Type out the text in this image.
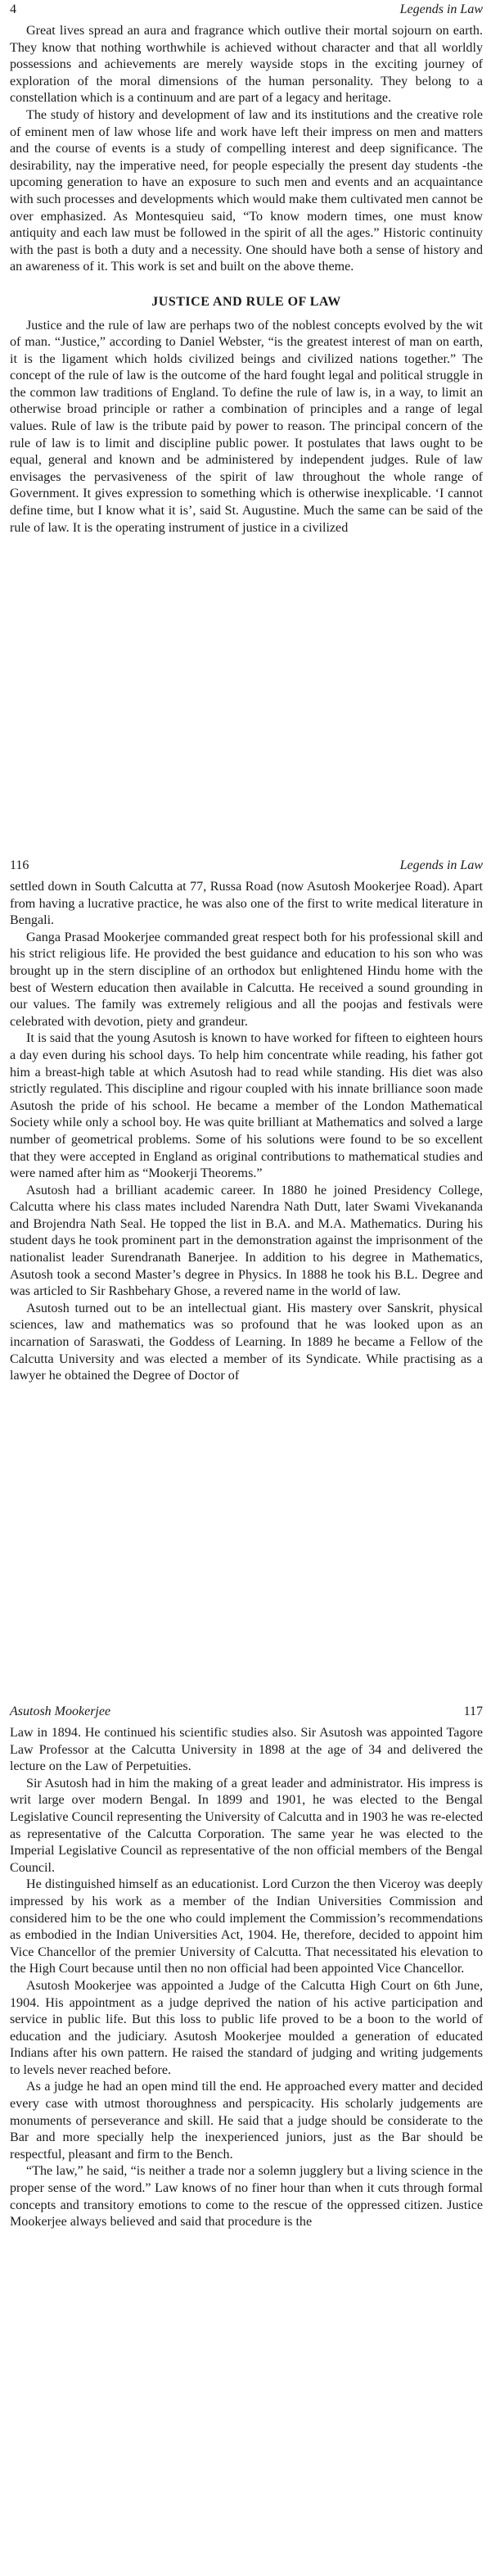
4	Legends in Law

Great lives spread an aura and fragrance which outlive their mortal sojourn on earth. They know that nothing worthwhile is achieved without character and that all worldly possessions and achievements are merely wayside stops in the exciting journey of exploration of the moral dimensions of the human personality. They belong to a constellation which is a continuum and are part of a legacy and heritage.

The study of history and development of law and its institutions and the creative role of eminent men of law whose life and work have left their impress on men and matters and the course of events is a study of compelling interest and deep significance. The desirability, nay the imperative need, for people especially the present day students -the upcoming generation to have an exposure to such men and events and an acquaintance with such processes and developments which would make them cultivated men cannot be over emphasized. As Montesquieu said, “To know modern times, one must know antiquity and each law must be followed in the spirit of all the ages.” Historic continuity with the past is both a duty and a necessity. One should have both a sense of history and an awareness of it. This work is set and built on the above theme.

JUSTICE AND RULE OF LAW

Justice and the rule of law are perhaps two of the noblest concepts evolved by the wit of man. “Justice,” according to Daniel Webster, “is the greatest interest of man on earth, it is the ligament which holds civilized beings and civilized nations together.” The concept of the rule of law is the outcome of the hard fought legal and political struggle in the common law traditions of England. To define the rule of law is, in a way, to limit an otherwise broad principle or rather a combination of principles and a range of legal values. Rule of law is the tribute paid by power to reason. The principal concern of the rule of law is to limit and discipline public power. It postulates that laws ought to be equal, general and known and be administered by independent judges. Rule of law envisages the pervasiveness of the spirit of law throughout the whole range of Government. It gives expression to something which is otherwise inexplicable. ‘I cannot define time, but I know what it is’, said St. Augustine. Much the same can be said of the rule of law. It is the operating instrument of justice in a civilized

116	Legends in Law

settled down in South Calcutta at 77, Russa Road (now Asutosh Mookerjee Road). Apart from having a lucrative practice, he was also one of the first to write medical literature in Bengali.

Ganga Prasad Mookerjee commanded great respect both for his professional skill and his strict religious life. He provided the best guidance and education to his son who was brought up in the stern discipline of an orthodox but enlightened Hindu home with the best of Western education then available in Calcutta. He received a sound grounding in our values. The family was extremely religious and all the poojas and festivals were celebrated with devotion, piety and grandeur.

It is said that the young Asutosh is known to have worked for fifteen to eighteen hours a day even during his school days. To help him concentrate while reading, his father got him a breast-high table at which Asutosh had to read while standing. His diet was also strictly regulated. This discipline and rigour coupled with his innate brilliance soon made Asutosh the pride of his school. He became a member of the London Mathematical Society while only a school boy. He was quite brilliant at Mathematics and solved a large number of geometrical problems. Some of his solutions were found to be so excellent that they were accepted in England as original contributions to mathematical studies and were named after him as “Mookerji Theorems.”

Asutosh had a brilliant academic career. In 1880 he joined Presidency College, Calcutta where his class mates included Narendra Nath Dutt, later Swami Vivekananda and Brojendra Nath Seal. He topped the list in B.A. and M.A. Mathematics. During his student days he took prominent part in the demonstration against the imprisonment of the nationalist leader Surendranath Banerjee. In addition to his degree in Mathematics, Asutosh took a second Master’s degree in Physics. In 1888 he took his B.L. Degree and was articled to Sir Rashbehary Ghose, a revered name in the world of law.

Asutosh turned out to be an intellectual giant. His mastery over Sanskrit, physical sciences, law and mathematics was so profound that he was looked upon as an incarnation of Saraswati, the Goddess of Learning. In 1889 he became a Fellow of the Calcutta University and was elected a member of its Syndicate. While practising as a lawyer he obtained the Degree of Doctor of

Asutosh Mookerjee	117

Law in 1894. He continued his scientific studies also. Sir Asutosh was appointed Tagore Law Professor at the Calcutta University in 1898 at the age of 34 and delivered the lecture on the Law of Perpetuities.

Sir Asutosh had in him the making of a great leader and administrator. His impress is writ large over modern Bengal. In 1899 and 1901, he was elected to the Bengal Legislative Council representing the University of Calcutta and in 1903 he was re-elected as representative of the Calcutta Corporation. The same year he was elected to the Imperial Legislative Council as representative of the non official members of the Bengal Council.

He distinguished himself as an educationist. Lord Curzon the then Viceroy was deeply impressed by his work as a member of the Indian Universities Commission and considered him to be the one who could implement the Commission’s recommendations as embodied in the Indian Universities Act, 1904. He, therefore, decided to appoint him Vice Chancellor of the premier University of Calcutta. That necessitated his elevation to the High Court because until then no non official had been appointed Vice Chancellor.

Asutosh Mookerjee was appointed a Judge of the Calcutta High Court on 6th June, 1904. His appointment as a judge deprived the nation of his active participation and service in public life. But this loss to public life proved to be a boon to the world of education and the judiciary. Asutosh Mookerjee moulded a generation of educated Indians after his own pattern. He raised the standard of judging and writing judgements to levels never reached before.

As a judge he had an open mind till the end. He approached every matter and decided every case with utmost thoroughness and perspicacity. His scholarly judgements are monuments of perseverance and skill. He said that a judge should be considerate to the Bar and more specially help the inexperienced juniors, just as the Bar should be respectful, pleasant and firm to the Bench.

“The law,” he said, “is neither a trade nor a solemn jugglery but a living science in the proper sense of the word.” Law knows of no finer hour than when it cuts through formal concepts and transitory emotions to come to the rescue of the oppressed citizen. Justice Mookerjee always believed and said that procedure is the
